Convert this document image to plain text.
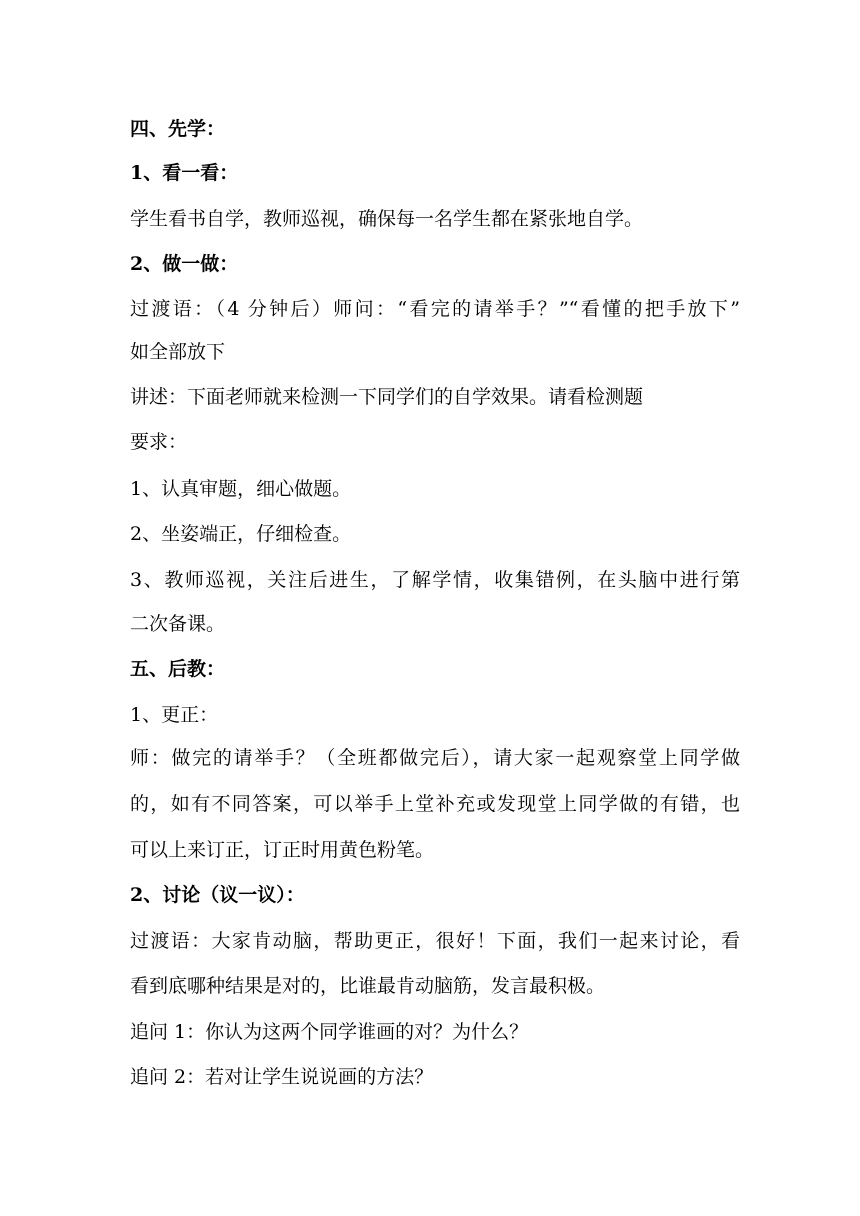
四、先学：
1、看一看：
学生看书自学，教师巡视，确保每一名学生都在紧张地自学。
2、做一做：
过渡语：（4 分钟后）师问：“看完的请举手？”“看懂的把手放下”
如全部放下
讲述：下面老师就来检测一下同学们的自学效果。请看检测题
要求：
1、认真审题，细心做题。
2、坐姿端正，仔细检查。
3、教师巡视，关注后进生，了解学情，收集错例，在头脑中进行第
二次备课。
五、后教：
1、更正：
师：做完的请举手？（全班都做完后），请大家一起观察堂上同学做
的，如有不同答案，可以举手上堂补充或发现堂上同学做的有错，也
可以上来订正，订正时用黄色粉笔。
2、讨论（议一议）：
过渡语：大家肯动脑，帮助更正，很好！下面，我们一起来讨论，看
看到底哪种结果是对的，比谁最肯动脑筋，发言最积极。
追问 1：你认为这两个同学谁画的对？为什么？
追问 2：若对让学生说说画的方法？
